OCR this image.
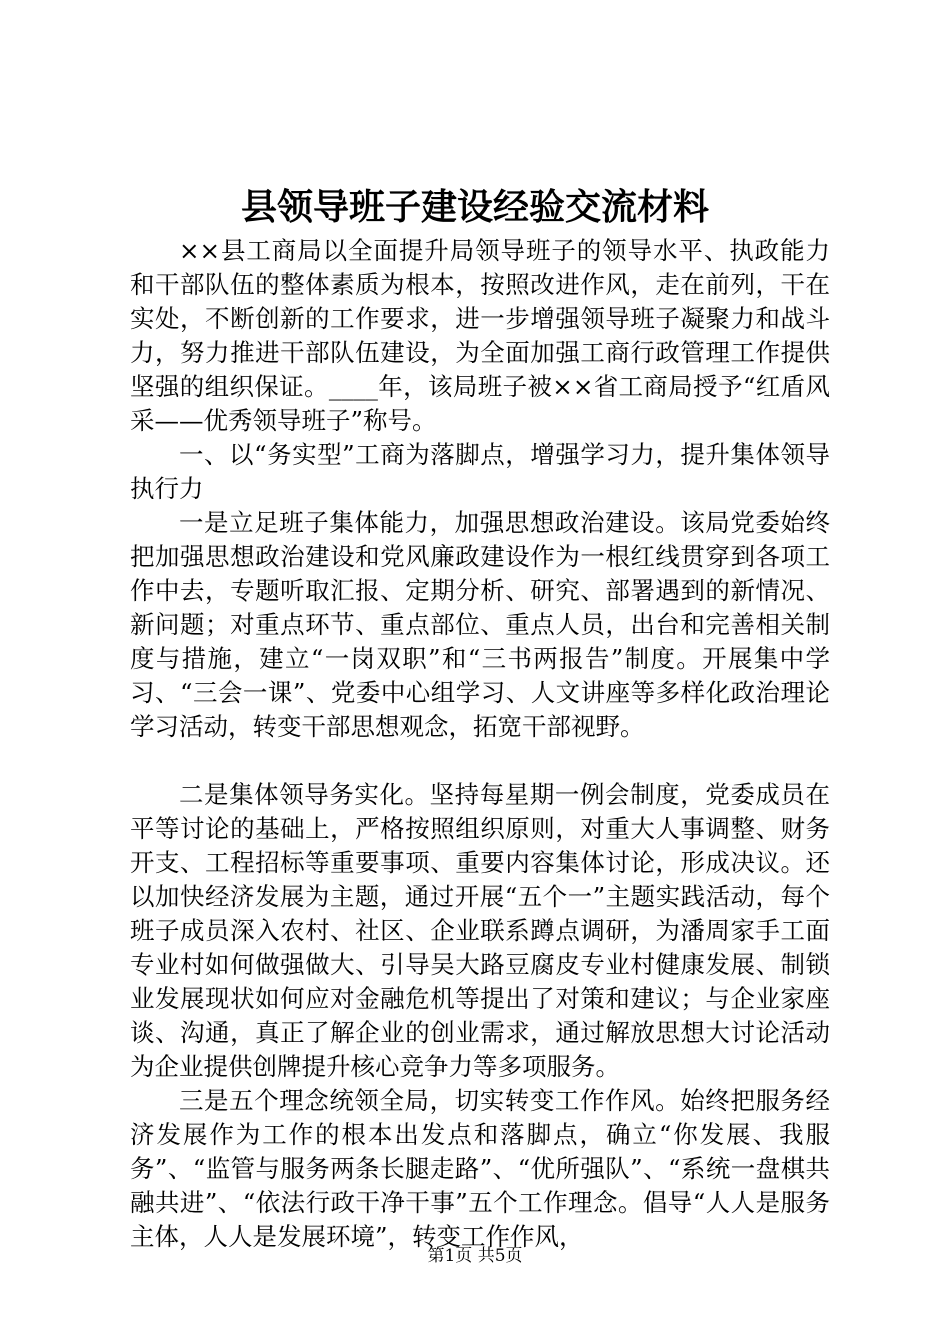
县领导班子建设经验交流材料

××县工商局以全面提升局领导班子的领导水平、执政能力和干部队伍的整体素质为根本，按照改进作风，走在前列，干在实处，不断创新的工作要求，进一步增强领导班子凝聚力和战斗力，努力推进干部队伍建设，为全面加强工商行政管理工作提供坚强的组织保证。____年，该局班子被××省工商局授予“红盾风采——优秀领导班子”称号。

一、以“务实型”工商为落脚点，增强学习力，提升集体领导执行力

一是立足班子集体能力，加强思想政治建设。该局党委始终把加强思想政治建设和党风廉政建设作为一根红线贯穿到各项工作中去，专题听取汇报、定期分析、研究、部署遇到的新情况、新问题；对重点环节、重点部位、重点人员，出台和完善相关制度与措施，建立“一岗双职”和“三书两报告”制度。开展集中学习、“三会一课”、党委中心组学习、人文讲座等多样化政治理论学习活动，转变干部思想观念，拓宽干部视野。

二是集体领导务实化。坚持每星期一例会制度，党委成员在平等讨论的基础上，严格按照组织原则，对重大人事调整、财务开支、工程招标等重要事项、重要内容集体讨论，形成决议。还以加快经济发展为主题，通过开展“五个一”主题实践活动，每个班子成员深入农村、社区、企业联系蹲点调研，为潘周家手工面专业村如何做强做大、引导吴大路豆腐皮专业村健康发展、制锁业发展现状如何应对金融危机等提出了对策和建议；与企业家座谈、沟通，真正了解企业的创业需求，通过解放思想大讨论活动为企业提供创牌提升核心竞争力等多项服务。

三是五个理念统领全局，切实转变工作作风。始终把服务经济发展作为工作的根本出发点和落脚点，确立“你发展、我服务”、“监管与服务两条长腿走路”、“优所强队”、“系统一盘棋共融共进”、“依法行政干净干事”五个工作理念。倡导“人人是服务主体，人人是发展环境”，转变工作作风，

第1页 共5页
